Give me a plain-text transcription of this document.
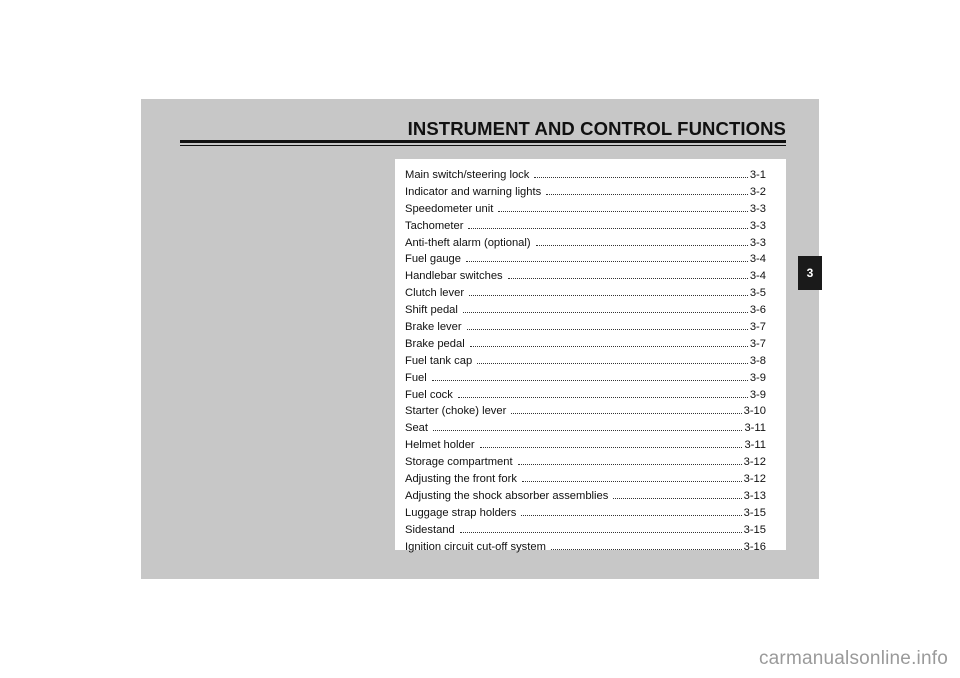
INSTRUMENT AND CONTROL FUNCTIONS
Main switch/steering lock	3-1
Indicator and warning lights	3-2
Speedometer unit	3-3
Tachometer	3-3
Anti-theft alarm (optional)	3-3
Fuel gauge	3-4
Handlebar switches	3-4
Clutch lever	3-5
Shift pedal	3-6
Brake lever	3-7
Brake pedal	3-7
Fuel tank cap	3-8
Fuel	3-9
Fuel cock	3-9
Starter (choke) lever	3-10
Seat	3-11
Helmet holder	3-11
Storage compartment	3-12
Adjusting the front fork	3-12
Adjusting the shock absorber assemblies	3-13
Luggage strap holders	3-15
Sidestand	3-15
Ignition circuit cut-off system	3-16
3
carmanualsonline.info
